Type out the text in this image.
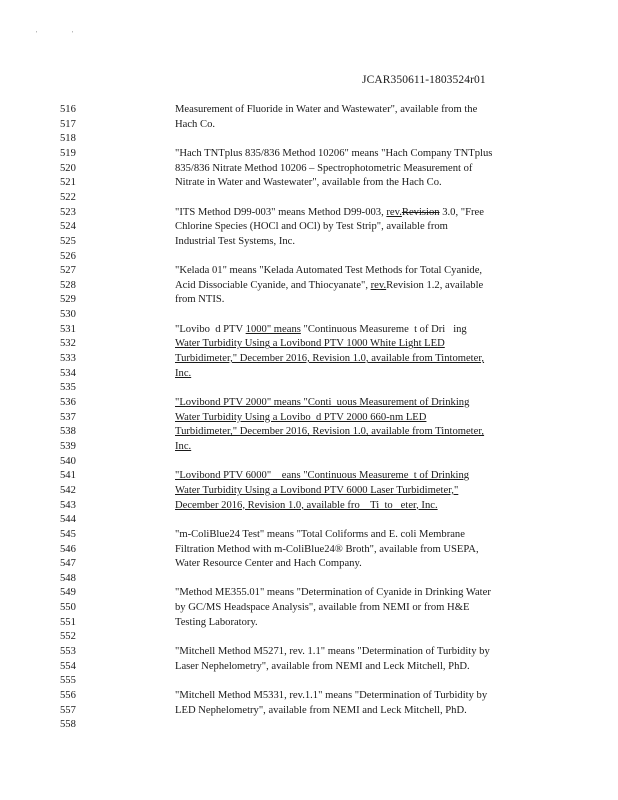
'	'
JCAR350611-1803524r01
516	Measurement of Fluoride in Water and Wastewater", available from the
517	Hach Co.
518
519	"Hach TNTplus 835/836 Method 10206" means "Hach Company TNTplus
520	835/836 Nitrate Method 10206 – Spectrophotometric Measurement of
521	Nitrate in Water and Wastewater", available from the Hach Co.
522
523	"ITS Method D99-003" means Method D99-003, rev.Revision 3.0, "Free
524	Chlorine Species (HOCl and OCl) by Test Strip", available from
525	Industrial Test Systems, Inc.
526
527	"Kelada 01" means "Kelada Automated Test Methods for Total Cyanide,
528	Acid Dissociable Cyanide, and Thiocyanate", rev.Revision 1.2, available
529	from NTIS.
530
531	"Lovibo  d PTV 1000" means "Continuous Measureme  t of Dri   ing
532	Water Turbidity Using a Lovibond PTV 1000 White Light LED
533	Turbidimeter," December 2016, Revision 1.0, available from Tintometer,
534	Inc.
535
536	"Lovibond PTV 2000" means "Conti  uous Measurement of Drinking
537	Water Turbidity Using a Lovibo  d PTV 2000 660-nm LED
538	Turbidimeter," December 2016, Revision 1.0, available from Tintometer,
539	Inc.
540
541	"Lovibond PTV 6000"    eans "Continuous Measureme  t of Drinking
542	Water Turbidity Using a Lovibond PTV 6000 Laser Turbidimeter,"
543	December 2016, Revision 1.0, available fro    Ti  to   eter, Inc.
544
545	"m-ColiBlue24 Test" means "Total Coliforms and E. coli Membrane
546	Filtration Method with m-ColiBlue24® Broth", available from USEPA,
547	Water Resource Center and Hach Company.
548
549	"Method ME355.01" means "Determination of Cyanide in Drinking Water
550	by GC/MS Headspace Analysis", available from NEMI or from H&E
551	Testing Laboratory.
552
553	"Mitchell Method M5271, rev. 1.1" means "Determination of Turbidity by
554	Laser Nephelometry", available from NEMI and Leck Mitchell, PhD.
555
556	"Mitchell Method M5331, rev.1.1" means "Determination of Turbidity by
557	LED Nephelometry", available from NEMI and Leck Mitchell, PhD.
558
